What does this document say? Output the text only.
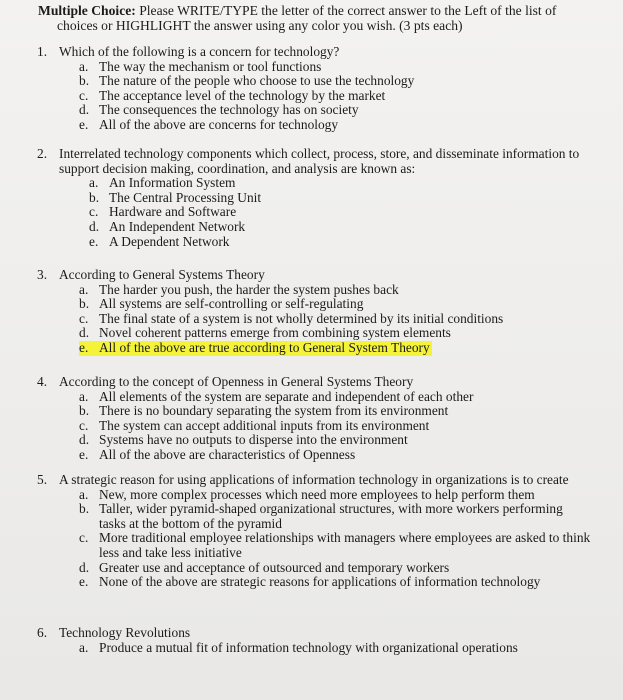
Multiple Choice: Please WRITE/TYPE the letter of the correct answer to the Left of the list of
choices or HIGHLIGHT the answer using any color you wish. (3 pts each)
1. Which of the following is a concern for technology?
a. The way the mechanism or tool functions
b. The nature of the people who choose to use the technology
c. The acceptance level of the technology by the market
d. The consequences the technology has on society
e. All of the above are concerns for technology
2. Interrelated technology components which collect, process, store, and disseminate information to
support decision making, coordination, and analysis are known as:
a. An Information System
b. The Central Processing Unit
c. Hardware and Software
d. An Independent Network
e. A Dependent Network
3. According to General Systems Theory
a. The harder you push, the harder the system pushes back
b. All systems are self-controlling or self-regulating
c. The final state of a system is not wholly determined by its initial conditions
d. Novel coherent patterns emerge from combining system elements
e. All of the above are true according to General System Theory
4. According to the concept of Openness in General Systems Theory
a. All elements of the system are separate and independent of each other
b. There is no boundary separating the system from its environment
c. The system can accept additional inputs from its environment
d. Systems have no outputs to disperse into the environment
e. All of the above are characteristics of Openness
5. A strategic reason for using applications of information technology in organizations is to create
a. New, more complex processes which need more employees to help perform them
b. Taller, wider pyramid-shaped organizational structures, with more workers performing
tasks at the bottom of the pyramid
c. More traditional employee relationships with managers where employees are asked to think
less and take less initiative
d. Greater use and acceptance of outsourced and temporary workers
e. None of the above are strategic reasons for applications of information technology
6. Technology Revolutions
a. Produce a mutual fit of information technology with organizational operations
